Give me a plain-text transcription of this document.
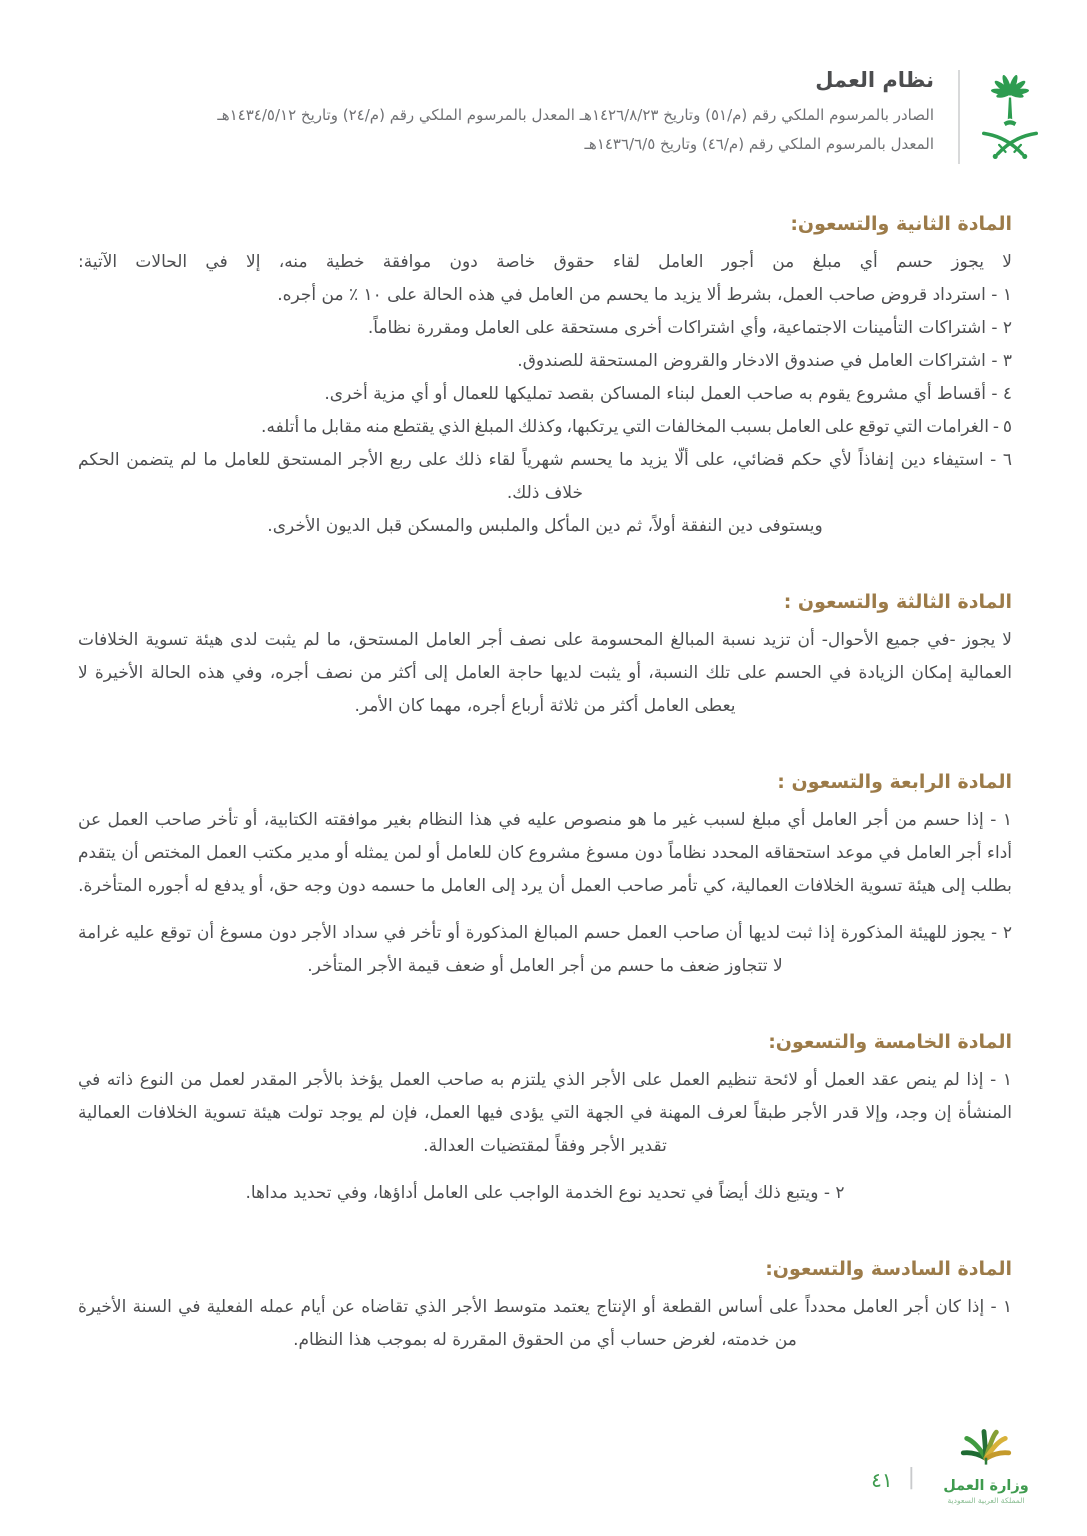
نظام العمل
الصادر بالمرسوم الملكي رقم (م/٥١) وتاريخ ١٤٢٦/٨/٢٣هـ المعدل بالمرسوم الملكي رقم (م/٢٤) وتاريخ ١٤٣٤/٥/١٢هـ
المعدل بالمرسوم الملكي رقم (م/٤٦) وتاريخ ١٤٣٦/٦/٥هـ
المادة الثانية والتسعون:

لا يجوز حسم أي مبلغ من أجور العامل لقاء حقوق خاصة دون موافقة خطية منه، إلا في الحالات الآتية:

١ - استرداد قروض صاحب العمل، بشرط ألا يزيد ما يحسم من العامل في هذه الحالة على ١٠ ٪ من أجره.

٢ - اشتراكات التأمينات الاجتماعية، وأي اشتراكات أخرى مستحقة على العامل ومقررة نظاماً.

٣ - اشتراكات العامل في صندوق الادخار والقروض المستحقة للصندوق.

٤ - أقساط أي مشروع يقوم به صاحب العمل لبناء المساكن بقصد تمليكها للعمال أو أي مزية أخرى.

٥ - الغرامات التي توقع على العامل بسبب المخالفات التي يرتكبها، وكذلك المبلغ الذي يقتطع منه مقابل ما أتلفه.

٦ - استيفاء دين إنفاذاً لأي حكم قضائي، على ألّا يزيد ما يحسم شهرياً لقاء ذلك على ربع الأجر المستحق للعامل ما لم يتضمن الحكم خلاف ذلك.

ويستوفى دين النفقة أولاً، ثم دين المأكل والملبس والمسكن قبل الديون الأخرى.

المادة الثالثة والتسعون :

لا يجوز -في جميع الأحوال- أن تزيد نسبة المبالغ المحسومة على نصف أجر العامل المستحق، ما لم يثبت لدى هيئة تسوية الخلافات العمالية إمكان الزيادة في الحسم على تلك النسبة، أو يثبت لديها حاجة العامل إلى أكثر من نصف أجره، وفي هذه الحالة الأخيرة لا يعطى العامل أكثر من ثلاثة أرباع أجره، مهما كان الأمر.

المادة الرابعة والتسعون :

١ - إذا حسم من أجر العامل أي مبلغ لسبب غير ما هو منصوص عليه في هذا النظام بغير موافقته الكتابية، أو تأخر صاحب العمل عن أداء أجر العامل في موعد استحقاقه المحدد نظاماً دون مسوغ مشروع كان للعامل أو لمن يمثله أو مدير مكتب العمل المختص أن يتقدم بطلب إلى هيئة تسوية الخلافات العمالية، كي تأمر صاحب العمل أن يرد إلى العامل ما حسمه دون وجه حق، أو يدفع له أجوره المتأخرة.

٢ - يجوز للهيئة المذكورة إذا ثبت لديها أن صاحب العمل حسم المبالغ المذكورة أو تأخر في سداد الأجر دون مسوغ أن توقع عليه غرامة لا تتجاوز ضعف ما حسم من أجر العامل أو ضعف قيمة الأجر المتأخر.

المادة الخامسة والتسعون:

١ - إذا لم ينص عقد العمل أو لائحة تنظيم العمل على الأجر الذي يلتزم به صاحب العمل يؤخذ بالأجر المقدر لعمل من النوع ذاته في المنشأة إن وجد، وإلا قدر الأجر طبقاً لعرف المهنة في الجهة التي يؤدى فيها العمل، فإن لم يوجد تولت هيئة تسوية الخلافات العمالية تقدير الأجر وفقاً لمقتضيات العدالة.

٢ - ويتبع ذلك أيضاً في تحديد نوع الخدمة الواجب على العامل أداؤها، وفي تحديد مداها.

المادة السادسة والتسعون:

١ - إذا كان أجر العامل محدداً على أساس القطعة أو الإنتاج يعتمد متوسط الأجر الذي تقاضاه عن أيام عمله الفعلية في السنة الأخيرة من خدمته، لغرض حساب أي من الحقوق المقررة له بموجب هذا النظام.

وزارة العمل
المملكة العربية السعودية
|
٤١
